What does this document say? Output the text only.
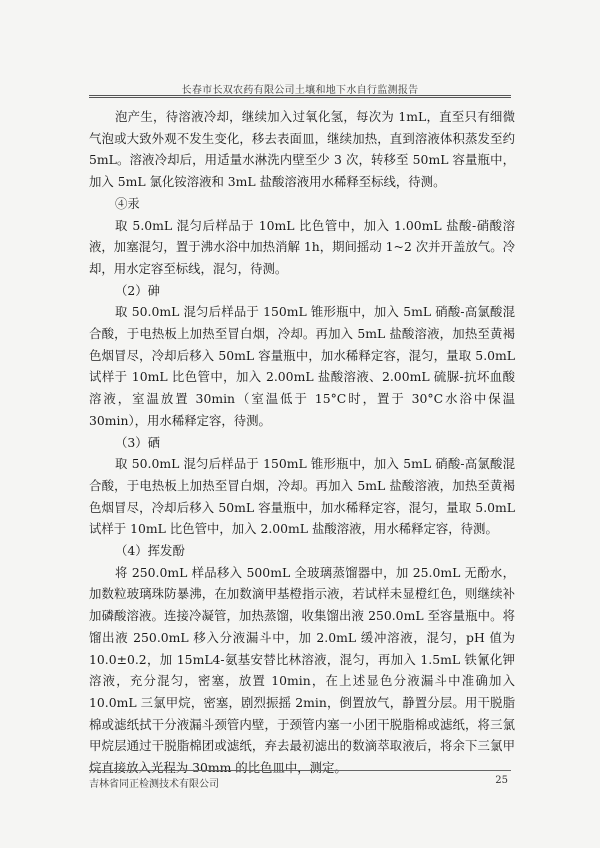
长春市长双农药有限公司土壤和地下水自行监测报告

泡产生，待溶液冷却，继续加入过氧化氢，每次为 1mL，直至只有细微气泡或大致外观不发生变化，移去表面皿，继续加热，直到溶液体积蒸发至约 5mL。溶液冷却后，用适量水淋洗内壁至少 3 次，转移至 50mL 容量瓶中，加入 5mL 氯化铵溶液和 3mL 盐酸溶液用水稀释至标线，待测。

④汞

取 5.0mL 混匀后样品于 10mL 比色管中，加入 1.00mL 盐酸-硝酸溶液，加塞混匀，置于沸水浴中加热消解 1h，期间摇动 1~2 次并开盖放气。冷却，用水定容至标线，混匀，待测。

（2）砷

取 50.0mL 混匀后样品于 150mL 锥形瓶中，加入 5mL 硝酸-高氯酸混合酸，于电热板上加热至冒白烟，冷却。再加入 5mL 盐酸溶液，加热至黄褐色烟冒尽，冷却后移入 50mL 容量瓶中，加水稀释定容，混匀，量取 5.0mL 试样于 10mL 比色管中，加入 2.00mL 盐酸溶液、2.00mL 硫脲-抗坏血酸溶液，室温放置 30min（室温低于 15°C时，置于 30°C水浴中保温 30min），用水稀释定容，待测。

（3）硒

取 50.0mL 混匀后样品于 150mL 锥形瓶中，加入 5mL 硝酸-高氯酸混合酸，于电热板上加热至冒白烟，冷却。再加入 5mL 盐酸溶液，加热至黄褐色烟冒尽，冷却后移入 50mL 容量瓶中，加水稀释定容，混匀，量取 5.0mL 试样于 10mL 比色管中，加入 2.00mL 盐酸溶液，用水稀释定容，待测。

（4）挥发酚

将 250.0mL 样品移入 500mL 全玻璃蒸馏器中，加 25.0mL 无酚水，加数粒玻璃珠防暴沸，在加数滴甲基橙指示液，若试样未显橙红色，则继续补加磷酸溶液。连接冷凝管，加热蒸馏，收集馏出液 250.0mL 至容量瓶中。将馏出液 250.0mL 移入分液漏斗中，加 2.0mL 缓冲溶液，混匀，pH 值为 10.0±0.2，加 15mL4-氨基安替比林溶液，混匀，再加入 1.5mL 铁氰化钾溶液，充分混匀，密塞，放置 10min，在上述显色分液漏斗中准确加入 10.0mL 三氯甲烷，密塞，剧烈振摇 2min，倒置放气，静置分层。用干脱脂棉或滤纸拭干分液漏斗颈管内壁，于颈管内塞一小团干脱脂棉或滤纸，将三氯甲烷层通过干脱脂棉团或滤纸，弃去最初滤出的数滴萃取液后，将余下三氯甲烷直接放入光程为 30mm 的比色皿中，测定。

吉林省同正检测技术有限公司	25
